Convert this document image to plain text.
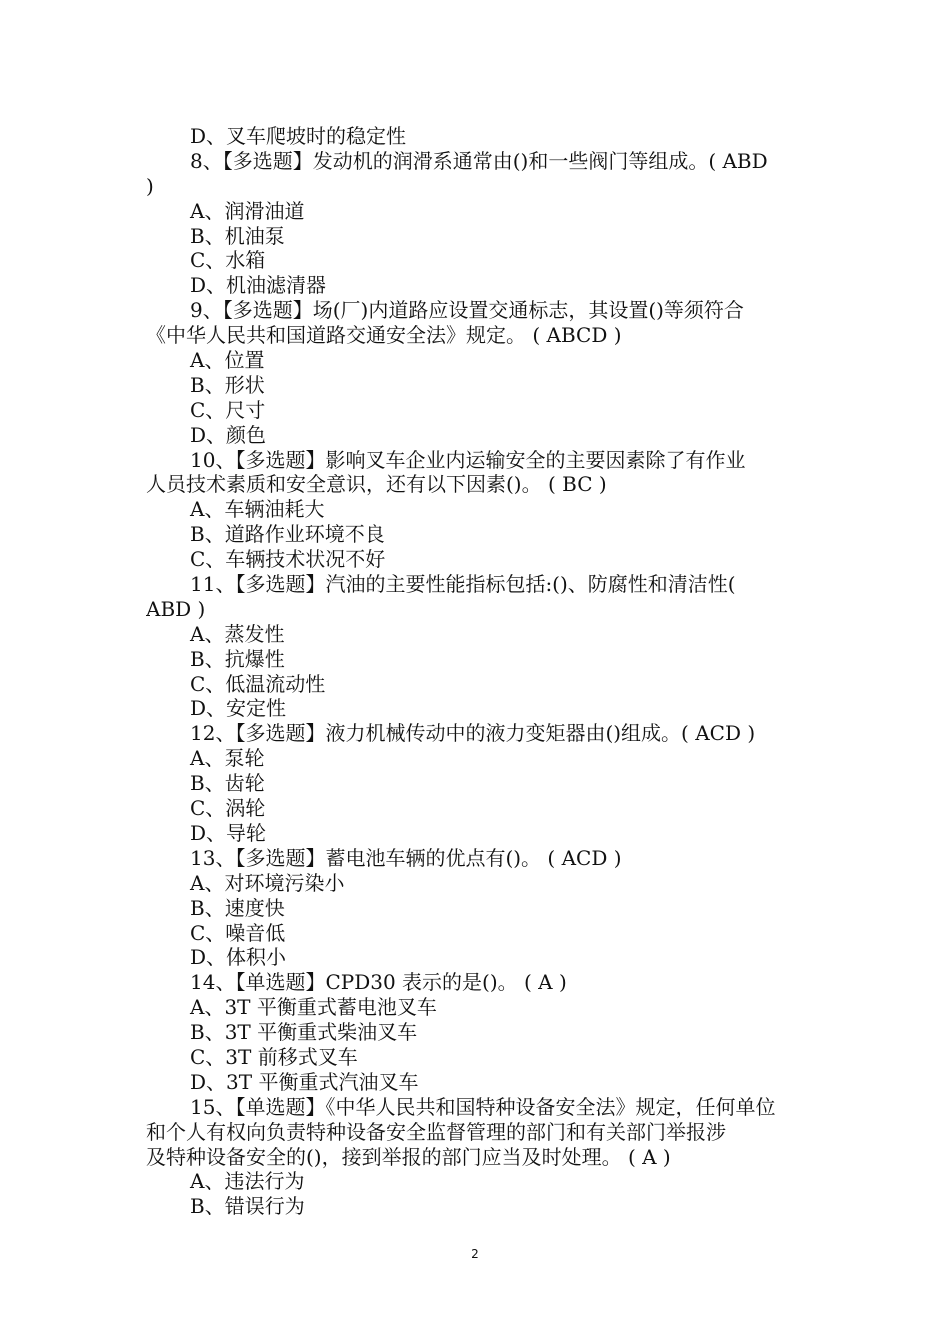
D、叉车爬坡时的稳定性
8、【多选题】发动机的润滑系通常由()和一些阀门等组成。( ABD
)
A、润滑油道
B、机油泵
C、水箱
D、机油滤清器
9、【多选题】场(厂)内道路应设置交通标志，其设置()等须符合
《中华人民共和国道路交通安全法》规定。 ( ABCD )
A、位置
B、形状
C、尺寸
D、颜色
10、【多选题】影响叉车企业内运输安全的主要因素除了有作业
人员技术素质和安全意识，还有以下因素()。 ( BC )
A、车辆油耗大
B、道路作业环境不良
C、车辆技术状况不好
11、【多选题】汽油的主要性能指标包括:()、防腐性和清洁性(
ABD )
A、蒸发性
B、抗爆性
C、低温流动性
D、安定性
12、【多选题】液力机械传动中的液力变矩器由()组成。( ACD )
A、泵轮
B、齿轮
C、涡轮
D、导轮
13、【多选题】蓄电池车辆的优点有()。 ( ACD )
A、对环境污染小
B、速度快
C、噪音低
D、体积小
14、【单选题】CPD30 表示的是()。 ( A )
A、3T 平衡重式蓄电池叉车
B、3T 平衡重式柴油叉车
C、3T 前移式叉车
D、3T 平衡重式汽油叉车
15、【单选题】《中华人民共和国特种设备安全法》规定，任何单位
和个人有权向负责特种设备安全监督管理的部门和有关部门举报涉
及特种设备安全的()，接到举报的部门应当及时处理。 ( A )
A、违法行为
B、错误行为
2
